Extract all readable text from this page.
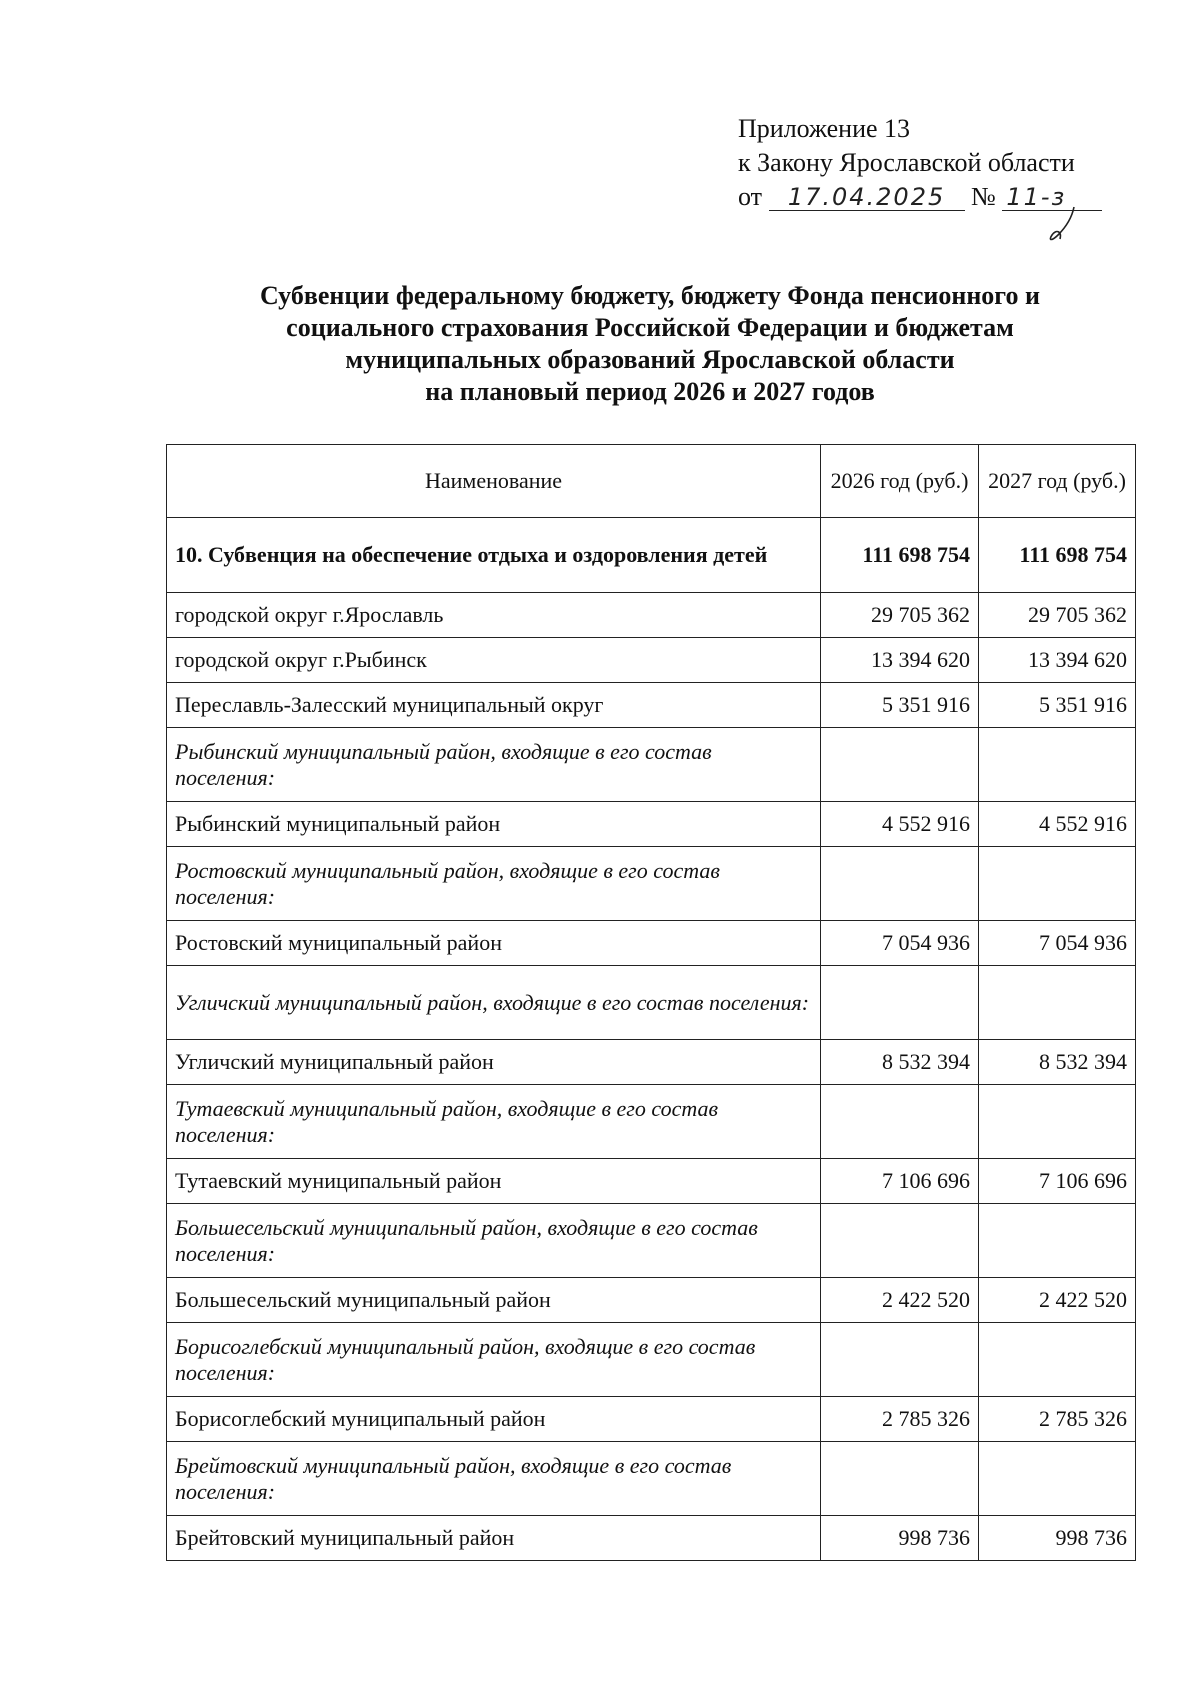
Приложение 13
к Закону Ярославской области
от 17.04.2025 № 11-з
Субвенции федеральному бюджету, бюджету Фонда пенсионного и
социального страхования Российской Федерации и бюджетам
муниципальных образований Ярославской области
на плановый период 2026 и 2027 годов
Наименование	2026 год (руб.)	2027 год (руб.)
10. Субвенция на обеспечение отдыха и оздоровления детей	111 698 754	111 698 754
городской округ г.Ярославль	29 705 362	29 705 362
городской округ г.Рыбинск	13 394 620	13 394 620
Переславль-Залесский муниципальный округ	5 351 916	5 351 916
Рыбинский муниципальный район, входящие в его состав поселения:		
Рыбинский муниципальный район	4 552 916	4 552 916
Ростовский муниципальный район, входящие в его состав поселения:		
Ростовский муниципальный район	7 054 936	7 054 936
Угличский муниципальный район, входящие в его состав поселения:		
Угличский муниципальный район	8 532 394	8 532 394
Тутаевский муниципальный район, входящие в его состав поселения:		
Тутаевский муниципальный район	7 106 696	7 106 696
Большесельский муниципальный район, входящие в его состав поселения:		
Большесельский муниципальный район	2 422 520	2 422 520
Борисоглебский муниципальный район, входящие в его состав поселения:		
Борисоглебский муниципальный район	2 785 326	2 785 326
Брейтовский муниципальный район, входящие в его состав поселения:		
Брейтовский муниципальный район	998 736	998 736
